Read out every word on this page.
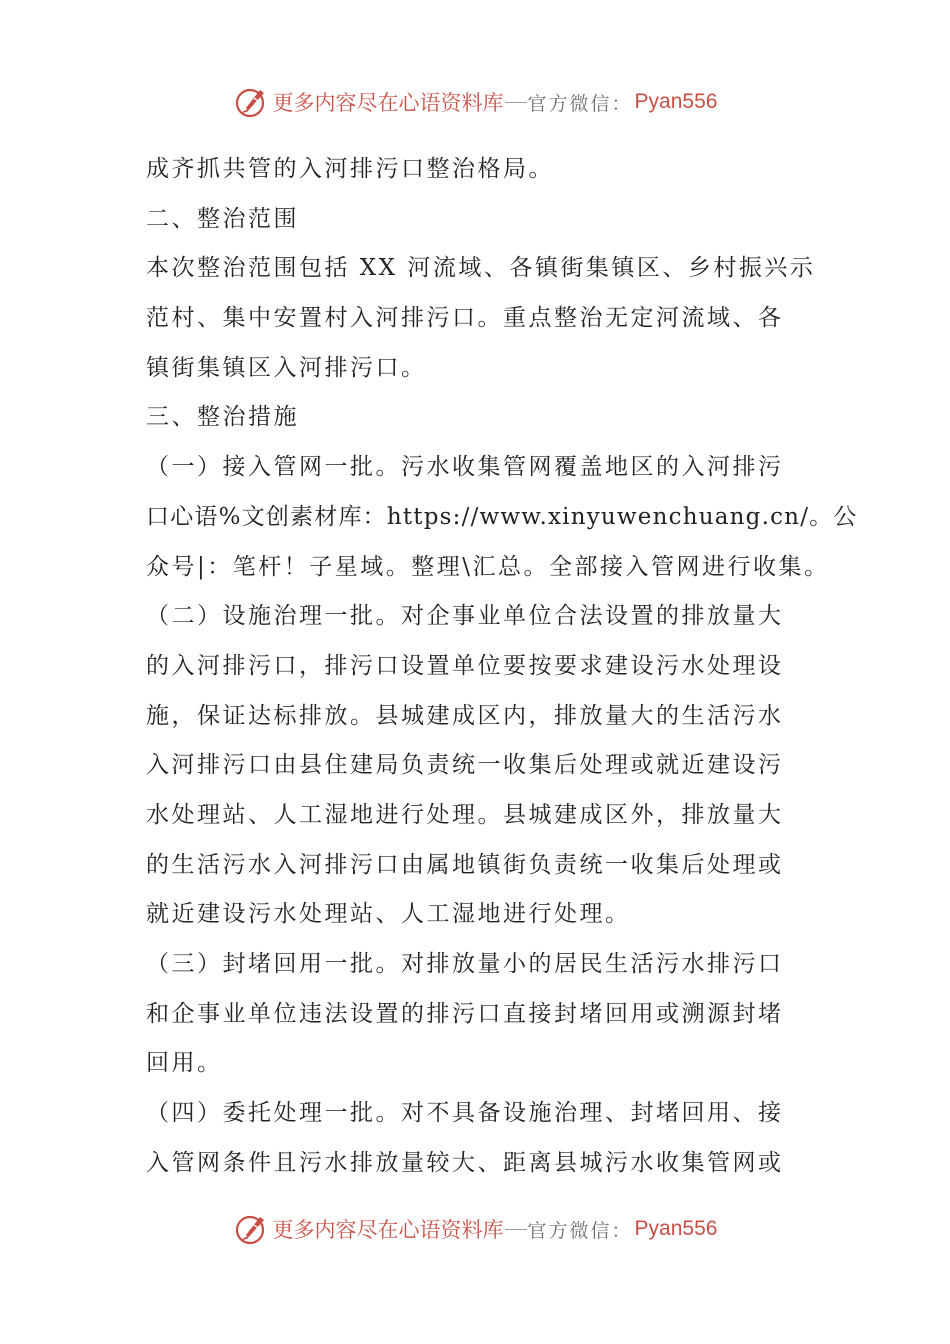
更多内容尽在心语资料库 官方微信： Pyan556
成齐抓共管的入河排污口整治格局。
二、整治范围
本次整治范围包括 XX 河流域、各镇街集镇区、乡村振兴示
范村、集中安置村入河排污口。重点整治无定河流域、各
镇街集镇区入河排污口。
三、整治措施
（一）接入管网一批。污水收集管网覆盖地区的入河排污
口心语%文创素材库：https://www.xinyuwenchuang.cn/。公
众号|：笔杆！子星域。整理\汇总。全部接入管网进行收集。
（二）设施治理一批。对企事业单位合法设置的排放量大
的入河排污口，排污口设置单位要按要求建设污水处理设
施，保证达标排放。县城建成区内，排放量大的生活污水
入河排污口由县住建局负责统一收集后处理或就近建设污
水处理站、人工湿地进行处理。县城建成区外，排放量大
的生活污水入河排污口由属地镇街负责统一收集后处理或
就近建设污水处理站、人工湿地进行处理。
（三）封堵回用一批。对排放量小的居民生活污水排污口
和企事业单位违法设置的排污口直接封堵回用或溯源封堵
回用。
（四）委托处理一批。对不具备设施治理、封堵回用、接
入管网条件且污水排放量较大、距离县城污水收集管网或
更多内容尽在心语资料库 官方微信： Pyan556
